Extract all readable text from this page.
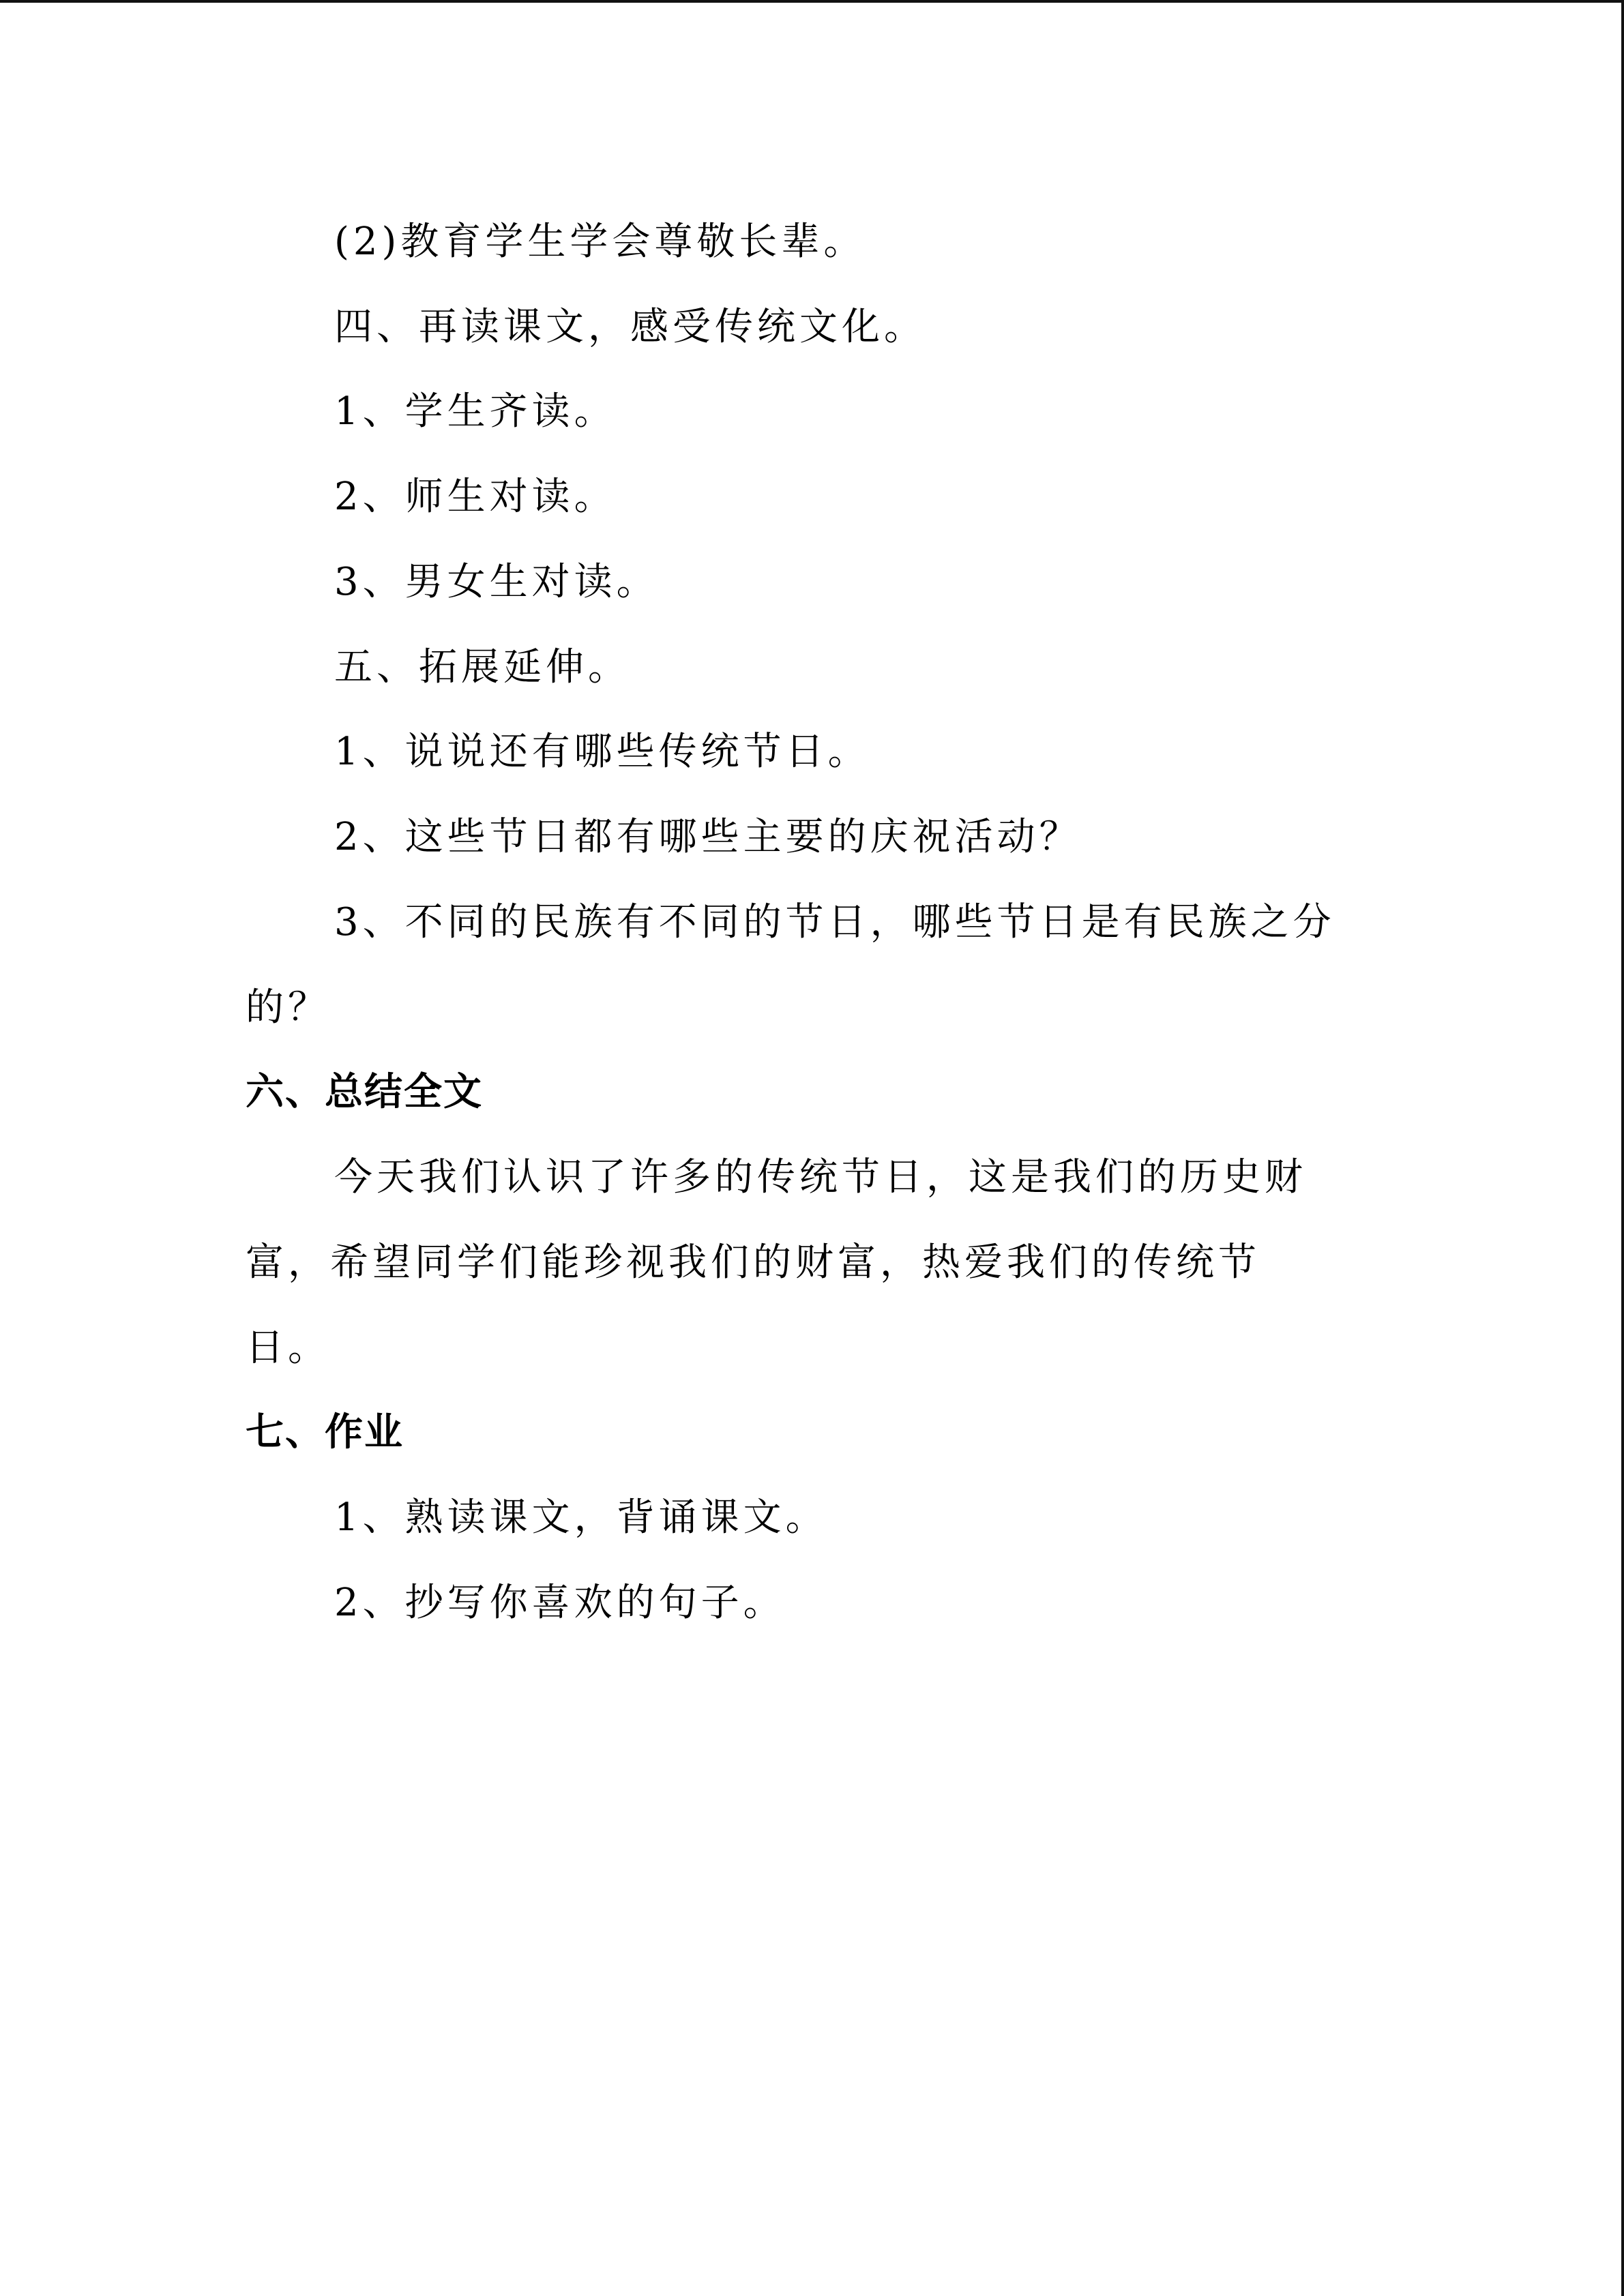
(2)教育学生学会尊敬长辈。
四、再读课文，感受传统文化。
1、学生齐读。
2、师生对读。
3、男女生对读。
五、拓展延伸。
1、说说还有哪些传统节日。
2、这些节日都有哪些主要的庆祝活动？
3、不同的民族有不同的节日，哪些节日是有民族之分
的？
六、总结全文
今天我们认识了许多的传统节日，这是我们的历史财
富，希望同学们能珍视我们的财富，热爱我们的传统节
日。
七、作业
1、熟读课文，背诵课文。
2、抄写你喜欢的句子。
